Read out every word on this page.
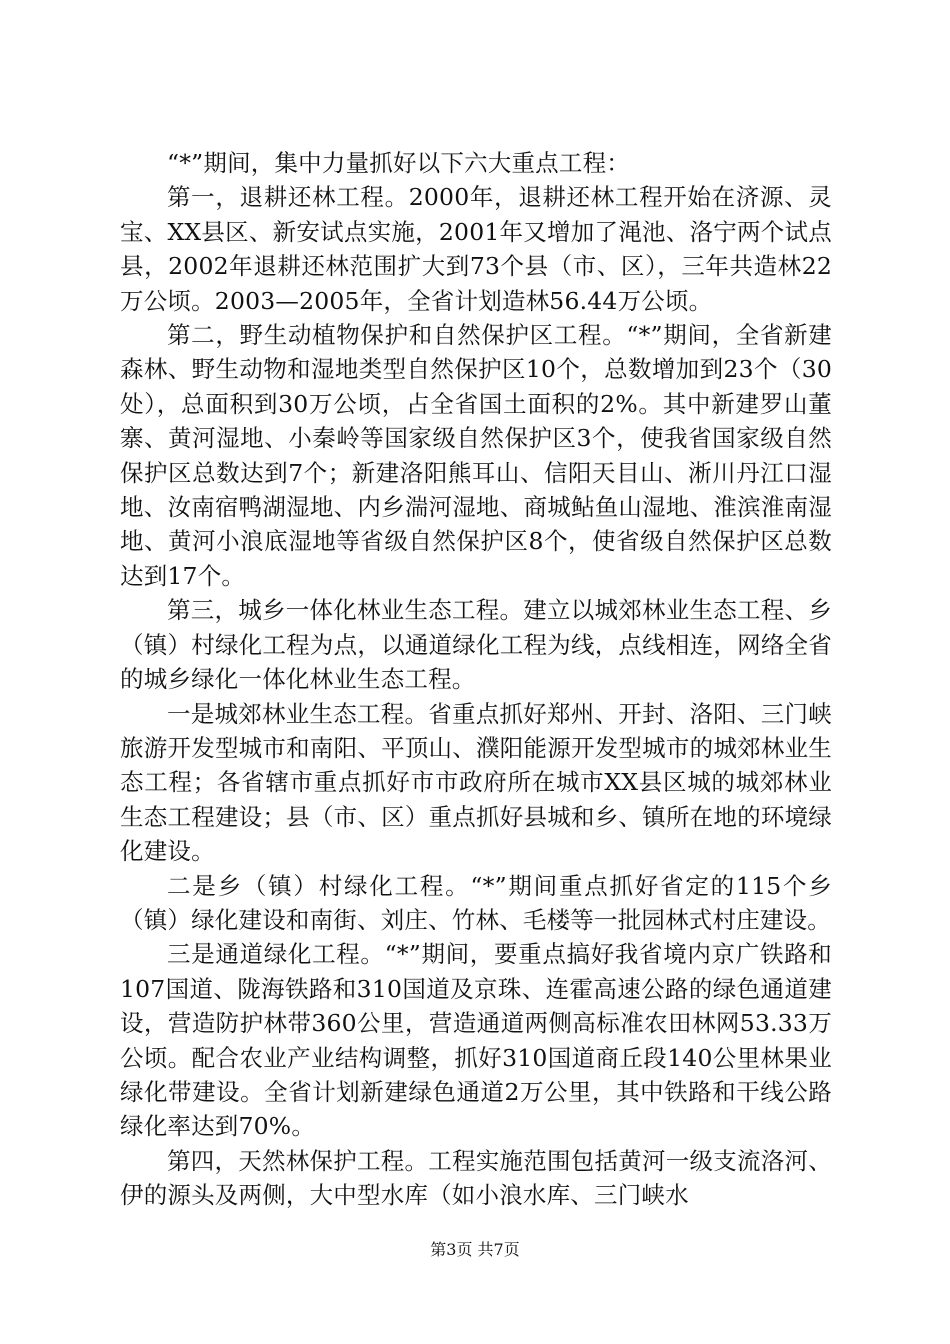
“*”期间，集中力量抓好以下六大重点工程：

第一，退耕还林工程。2000年，退耕还林工程开始在济源、灵宝、XX县区、新安试点实施，2001年又增加了渑池、洛宁两个试点县，2002年退耕还林范围扩大到73个县（市、区），三年共造林22万公顷。2003—2005年，全省计划造林56.44万公顷。

第二，野生动植物保护和自然保护区工程。“*”期间，全省新建森林、野生动物和湿地类型自然保护区10个，总数增加到23个（30处），总面积到30万公顷，占全省国土面积的2%。其中新建罗山董寨、黄河湿地、小秦岭等国家级自然保护区3个，使我省国家级自然保护区总数达到7个；新建洛阳熊耳山、信阳天目山、淅川丹江口湿地、汝南宿鸭湖湿地、内乡湍河湿地、商城鲇鱼山湿地、淮滨淮南湿地、黄河小浪底湿地等省级自然保护区8个，使省级自然保护区总数达到17个。

第三，城乡一体化林业生态工程。建立以城郊林业生态工程、乡（镇）村绿化工程为点，以通道绿化工程为线，点线相连，网络全省的城乡绿化一体化林业生态工程。

一是城郊林业生态工程。省重点抓好郑州、开封、洛阳、三门峡旅游开发型城市和南阳、平顶山、濮阳能源开发型城市的城郊林业生态工程；各省辖市重点抓好市市政府所在城市XX县区城的城郊林业生态工程建设；县（市、区）重点抓好县城和乡、镇所在地的环境绿化建设。

二是乡（镇）村绿化工程。“*”期间重点抓好省定的115个乡（镇）绿化建设和南街、刘庄、竹林、毛楼等一批园林式村庄建设。

三是通道绿化工程。“*”期间，要重点搞好我省境内京广铁路和107国道、陇海铁路和310国道及京珠、连霍高速公路的绿色通道建设，营造防护林带360公里，营造通道两侧高标准农田林网53.33万公顷。配合农业产业结构调整，抓好310国道商丘段140公里林果业绿化带建设。全省计划新建绿色通道2万公里，其中铁路和干线公路绿化率达到70%。

第四，天然林保护工程。工程实施范围包括黄河一级支流洛河、伊的源头及两侧，大中型水库（如小浪水库、三门峡水

第3页 共7页
